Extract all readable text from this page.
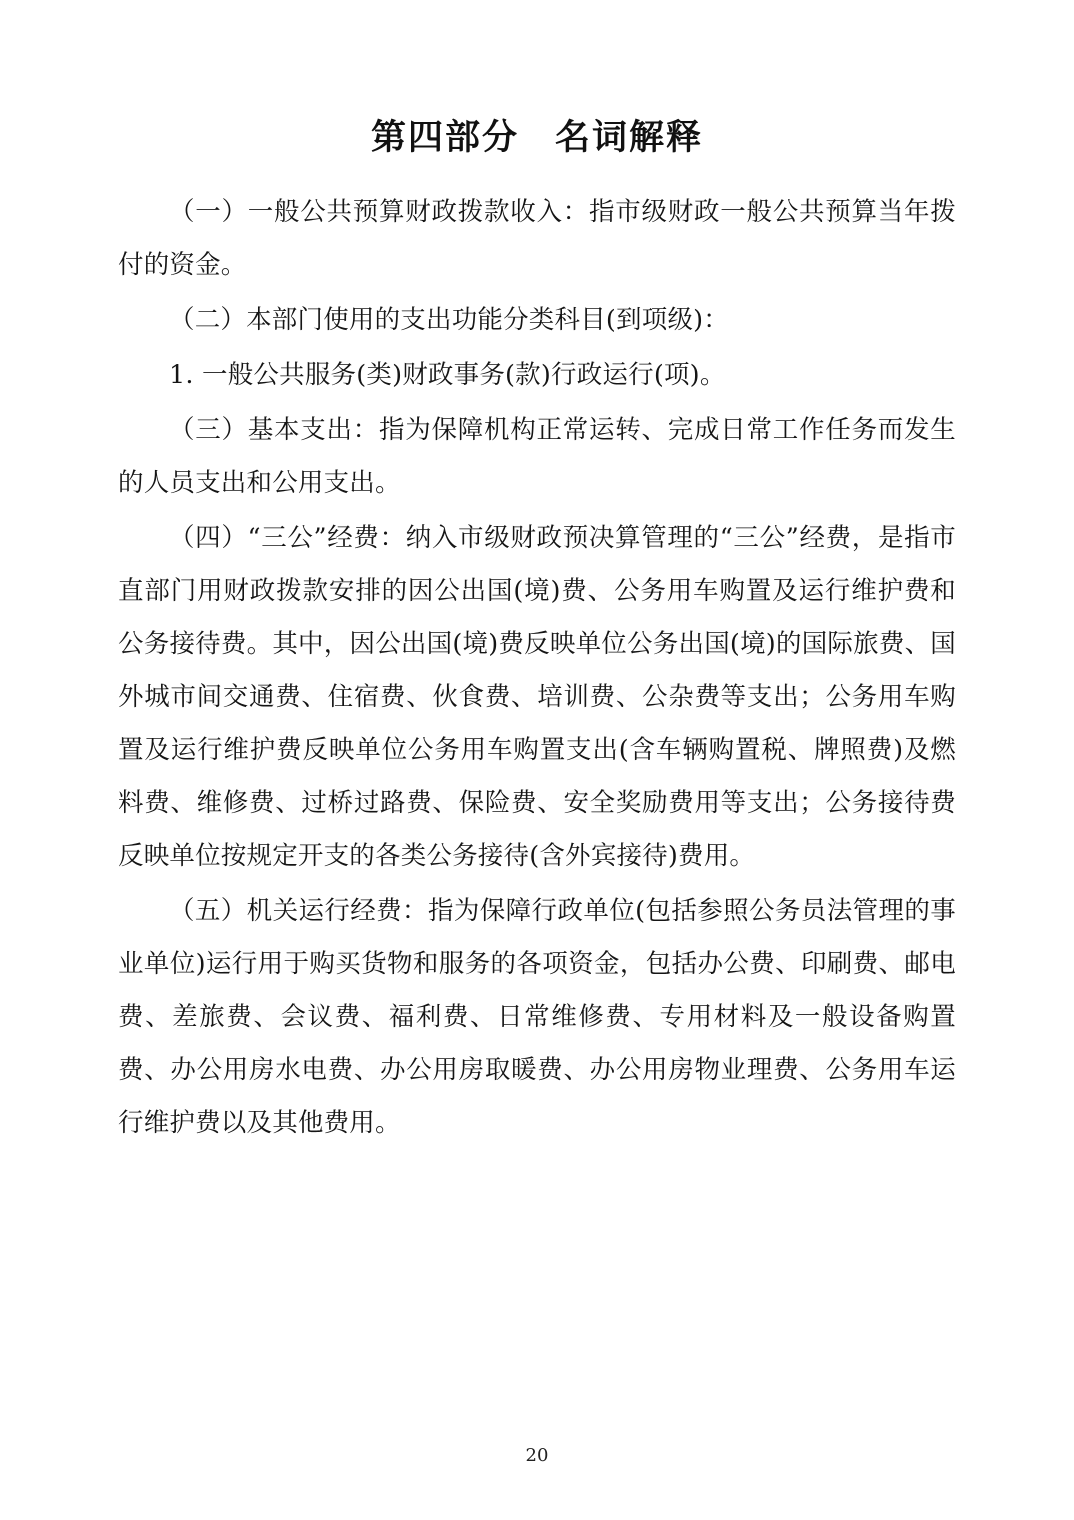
第四部分 名词解释

（一）一般公共预算财政拨款收入：指市级财政一般公共预算当年拨付的资金。

（二）本部门使用的支出功能分类科目(到项级)：

1. 一般公共服务(类)财政事务(款)行政运行(项)。

（三）基本支出：指为保障机构正常运转、完成日常工作任务而发生的人员支出和公用支出。

（四）“三公”经费：纳入市级财政预决算管理的“三公”经费，是指市直部门用财政拨款安排的因公出国(境)费、公务用车购置及运行维护费和公务接待费。其中，因公出国(境)费反映单位公务出国(境)的国际旅费、国外城市间交通费、住宿费、伙食费、培训费、公杂费等支出；公务用车购置及运行维护费反映单位公务用车购置支出(含车辆购置税、牌照费)及燃料费、维修费、过桥过路费、保险费、安全奖励费用等支出；公务接待费反映单位按规定开支的各类公务接待(含外宾接待)费用。

（五）机关运行经费：指为保障行政单位(包括参照公务员法管理的事业单位)运行用于购买货物和服务的各项资金，包括办公费、印刷费、邮电费、差旅费、会议费、福利费、日常维修费、专用材料及一般设备购置费、办公用房水电费、办公用房取暖费、办公用房物业理费、公务用车运行维护费以及其他费用。

20
